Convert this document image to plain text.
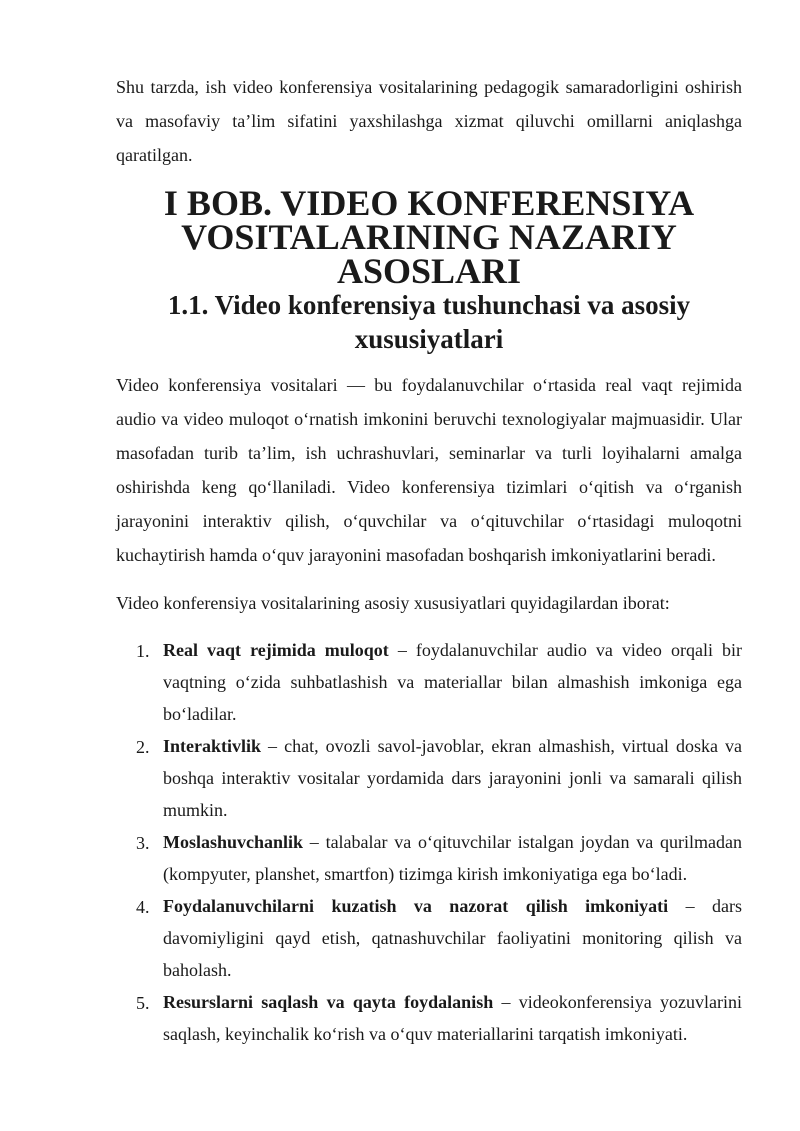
Shu tarzda, ish video konferensiya vositalarining pedagogik samaradorligini oshirish va masofaviy ta’lim sifatini yaxshilashga xizmat qiluvchi omillarni aniqlashga qaratilgan.

I BOB. VIDEO KONFERENSIYA VOSITALARINING NAZARIY ASOSLARI
1.1. Video konferensiya tushunchasi va asosiy xususiyatlari

Video konferensiya vositalari — bu foydalanuvchilar o‘rtasida real vaqt rejimida audio va video muloqot o‘rnatish imkonini beruvchi texnologiyalar majmuasidir. Ular masofadan turib ta’lim, ish uchrashuvlari, seminarlar va turli loyihalarni amalga oshirishda keng qo‘llaniladi. Video konferensiya tizimlari o‘qitish va o‘rganish jarayonini interaktiv qilish, o‘quvchilar va o‘qituvchilar o‘rtasidagi muloqotni kuchaytirish hamda o‘quv jarayonini masofadan boshqarish imkoniyatlarini beradi.

Video konferensiya vositalarining asosiy xususiyatlari quyidagilardan iborat:

1. Real vaqt rejimida muloqot – foydalanuvchilar audio va video orqali bir vaqtning o‘zida suhbatlashish va materiallar bilan almashish imkoniga ega bo‘ladilar.

2. Interaktivlik – chat, ovozli savol-javoblar, ekran almashish, virtual doska va boshqa interaktiv vositalar yordamida dars jarayonini jonli va samarali qilish mumkin.

3. Moslashuvchanlik – talabalar va o‘qituvchilar istalgan joydan va qurilmadan (kompyuter, planshet, smartfon) tizimga kirish imkoniyatiga ega bo‘ladi.

4. Foydalanuvchilarni kuzatish va nazorat qilish imkoniyati – dars davomiyligini qayd etish, qatnashuvchilar faoliyatini monitoring qilish va baholash.

5. Resurslarni saqlash va qayta foydalanish – videokonferensiya yozuvlarini saqlash, keyinchalik ko‘rish va o‘quv materiallarini tarqatish imkoniyati.
